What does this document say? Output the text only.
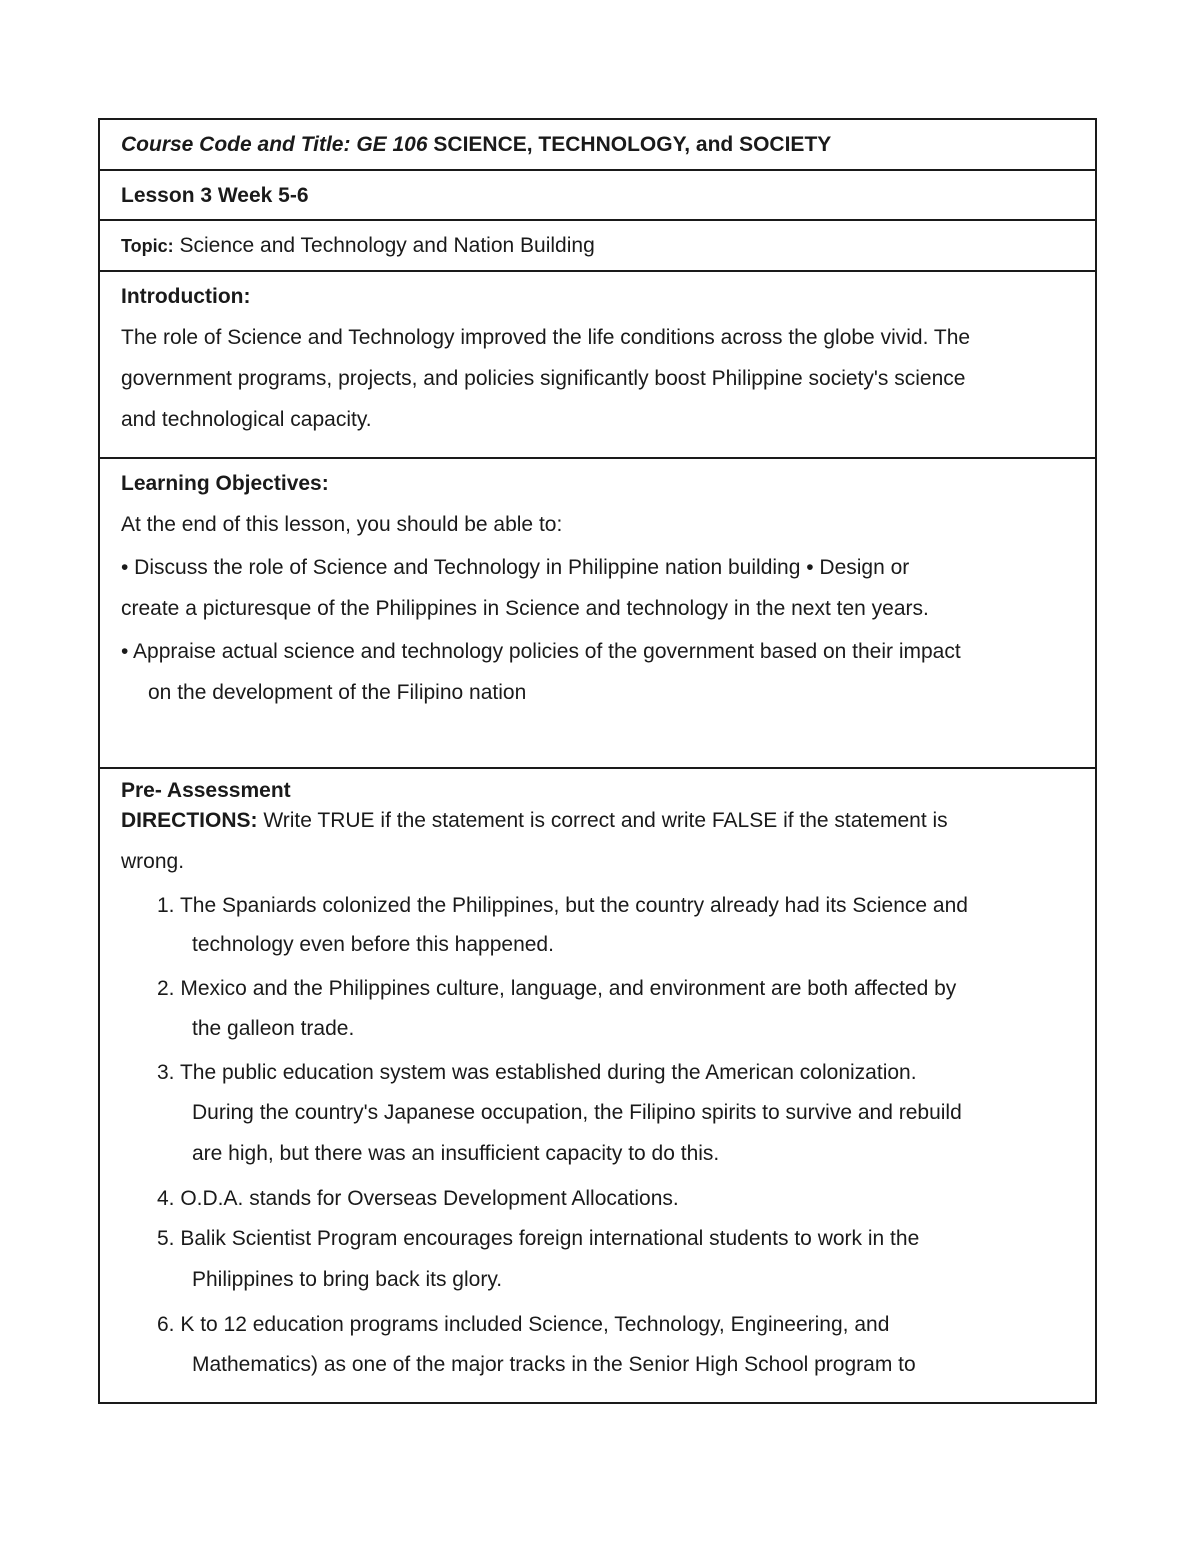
Course Code and Title: GE 106 SCIENCE, TECHNOLOGY, and SOCIETY
Lesson 3 Week 5-6
Topic: Science and Technology and Nation Building
Introduction:
The role of Science and Technology improved the life conditions across the globe vivid. The
government programs, projects, and policies significantly boost Philippine society's science
and technological capacity.
Learning Objectives:
At the end of this lesson, you should be able to:
• Discuss the role of Science and Technology in Philippine nation building • Design or
create a picturesque of the Philippines in Science and technology in the next ten years.
• Appraise actual science and technology policies of the government based on their impact
on the development of the Filipino nation
Pre- Assessment
DIRECTIONS: Write TRUE if the statement is correct and write FALSE if the statement is
wrong.
1. The Spaniards colonized the Philippines, but the country already had its Science and
technology even before this happened.
2. Mexico and the Philippines culture, language, and environment are both affected by
the galleon trade.
3. The public education system was established during the American colonization.
During the country's Japanese occupation, the Filipino spirits to survive and rebuild
are high, but there was an insufficient capacity to do this.
4. O.D.A. stands for Overseas Development Allocations.
5. Balik Scientist Program encourages foreign international students to work in the
Philippines to bring back its glory.
6. K to 12 education programs included Science, Technology, Engineering, and
Mathematics) as one of the major tracks in the Senior High School program to
